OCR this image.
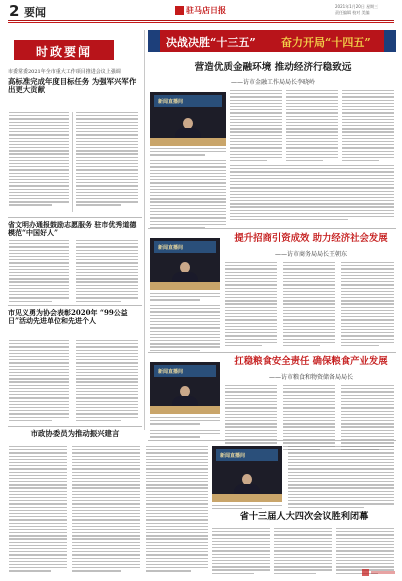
2 要闻	驻马店日报	2021年1月20日 星期三
责任编辑 校对 美编
时政要闻
市委常委2021年全市重大工作项目推进会议上强调
高标准完成年度目标任务 为强军兴军作出更大贡献
省文明办通报鼓励志愿服务 驻市优秀道德模范“中国好人”
市见义勇为协会表彰2020年 “99公益日”活动先进单位和先进个人
市政协委员为推动振兴建言
决战决胜“十三五” 奋力开局“十四五”
营造优质金融环境 推动经济行稳致远
——访市金融工作局局长李晓岭
新闻直播间
提升招商引资成效 助力经济社会发展
——访市商务局局长王朝东
新闻直播间
扛稳粮食安全责任 确保粮食产业发展
——访市粮食和物资储备局局长
新闻直播间
新闻直播间
省十三届人大四次会议胜利闭幕
